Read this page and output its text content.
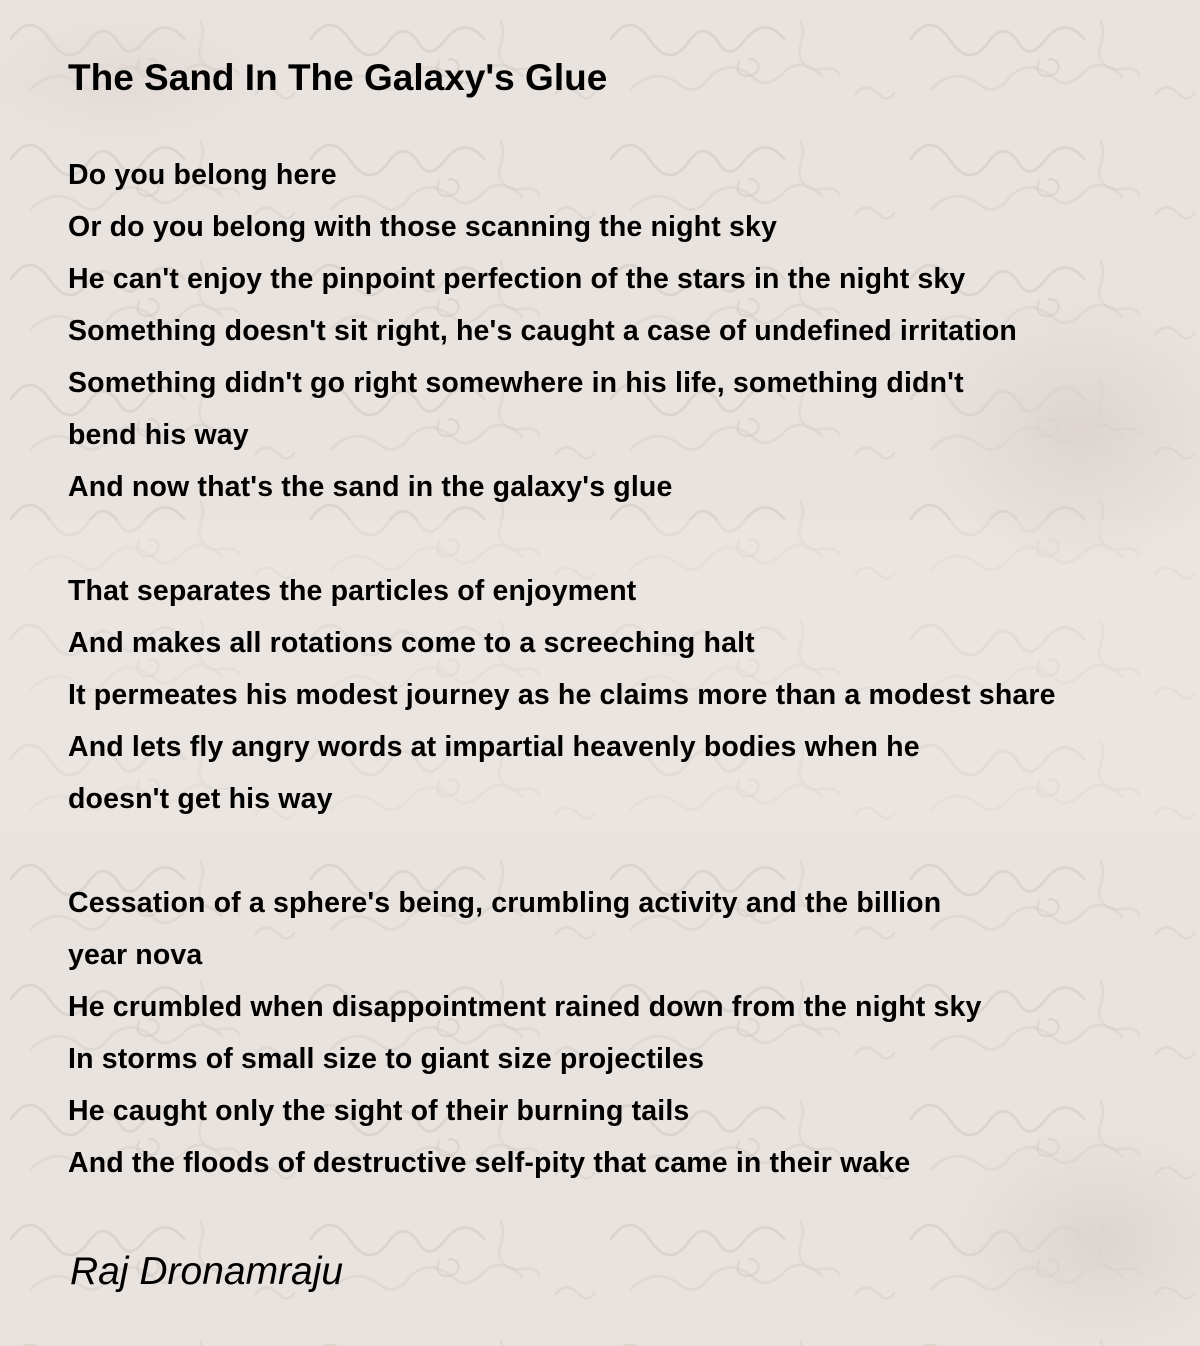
The Sand In The Galaxy's Glue
Do you belong here
Or do you belong with those scanning the night sky
He can't enjoy the pinpoint perfection of the stars in the night sky
Something doesn't sit right, he's caught a case of undefined irritation
Something didn't go right somewhere in his life, something didn't
bend his way
And now that's the sand in the galaxy's glue
That separates the particles of enjoyment
And makes all rotations come to a screeching halt
It permeates his modest journey as he claims more than a modest share
And lets fly angry words at impartial heavenly bodies when he
doesn't get his way
Cessation of a sphere's being, crumbling activity and the billion
year nova
He crumbled when disappointment rained down from the night sky
In storms of small size to giant size projectiles
He caught only the sight of their burning tails
And the floods of destructive self-pity that came in their wake

Raj Dronamraju
